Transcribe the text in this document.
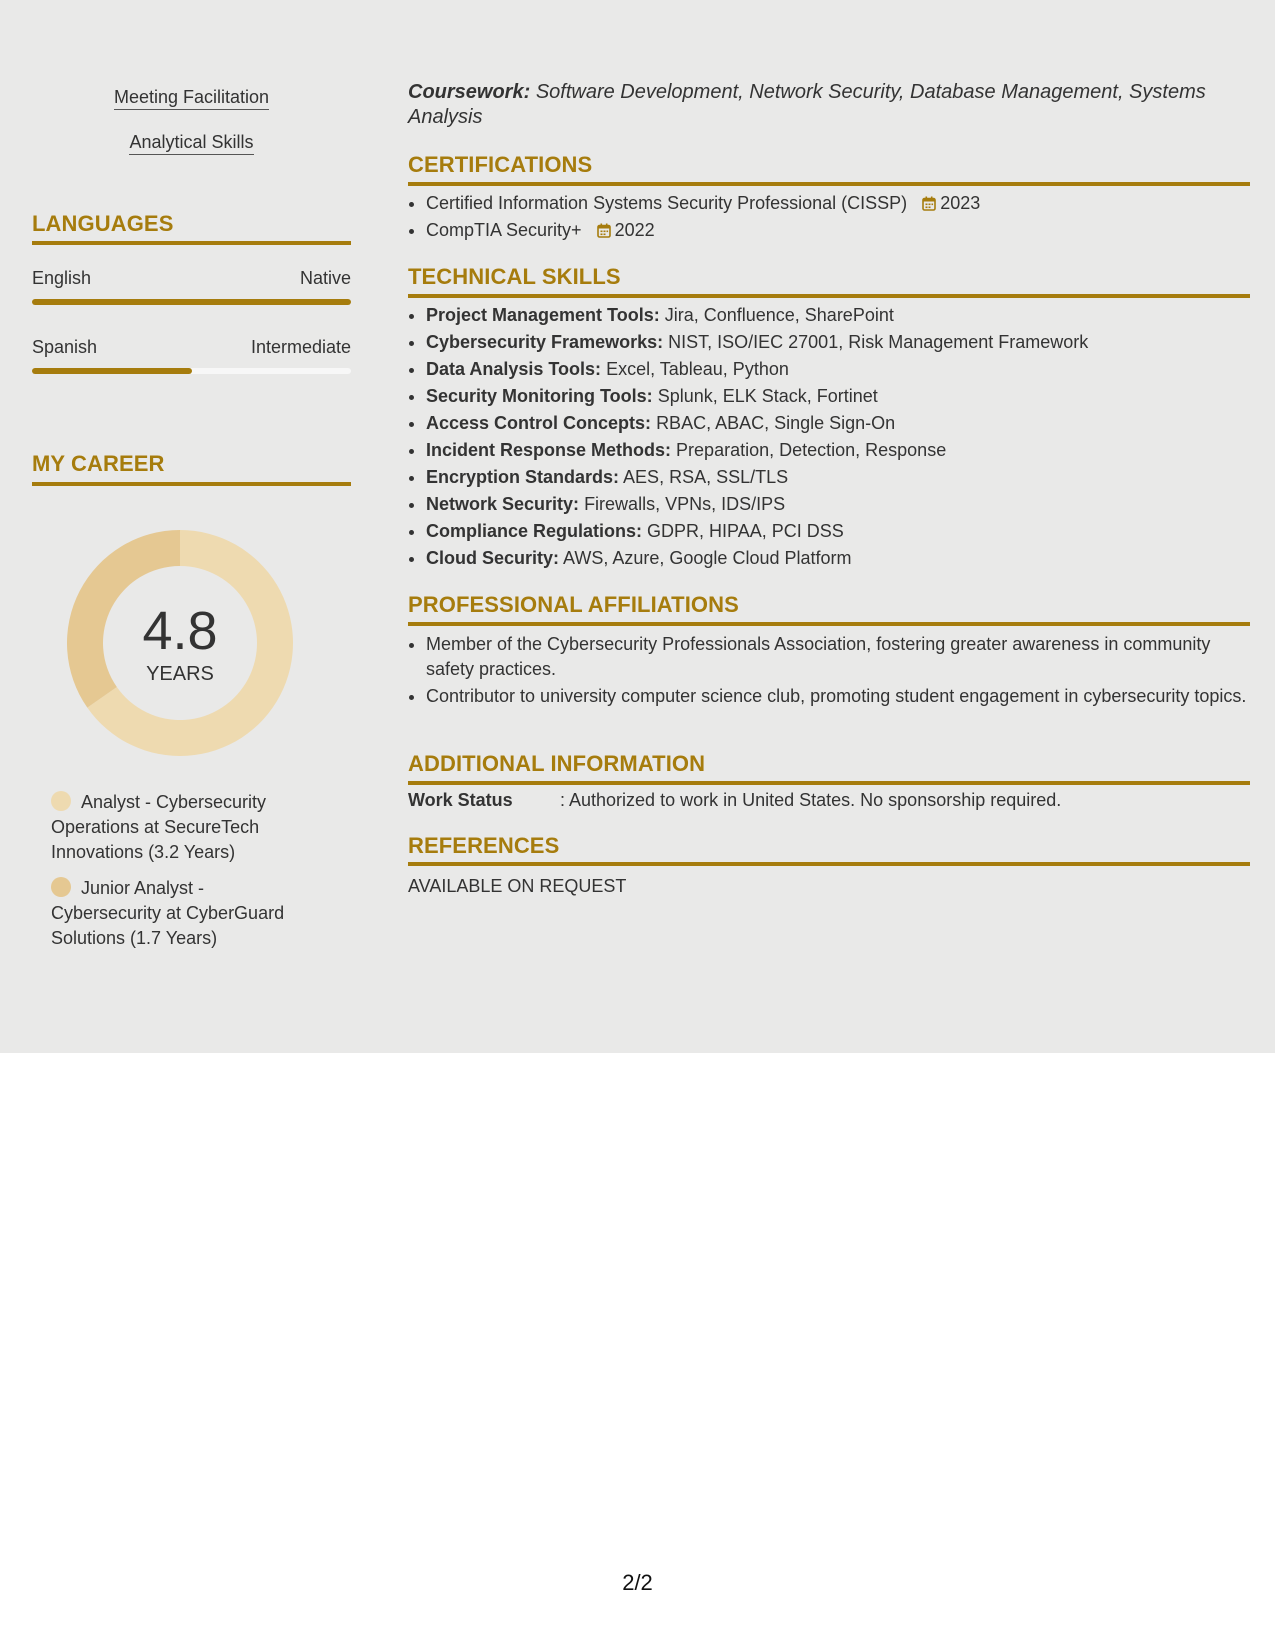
Meeting Facilitation
Analytical Skills
LANGUAGES
English	Native
Spanish	Intermediate
MY CAREER
4.8
YEARS
Analyst - Cybersecurity Operations at SecureTech Innovations (3.2 Years)
Junior Analyst - Cybersecurity at CyberGuard Solutions (1.7 Years)
Coursework: Software Development, Network Security, Database Management, Systems Analysis
CERTIFICATIONS
• Certified Information Systems Security Professional (CISSP) 2023
• CompTIA Security+ 2022
TECHNICAL SKILLS
• Project Management Tools: Jira, Confluence, SharePoint
• Cybersecurity Frameworks: NIST, ISO/IEC 27001, Risk Management Framework
• Data Analysis Tools: Excel, Tableau, Python
• Security Monitoring Tools: Splunk, ELK Stack, Fortinet
• Access Control Concepts: RBAC, ABAC, Single Sign-On
• Incident Response Methods: Preparation, Detection, Response
• Encryption Standards: AES, RSA, SSL/TLS
• Network Security: Firewalls, VPNs, IDS/IPS
• Compliance Regulations: GDPR, HIPAA, PCI DSS
• Cloud Security: AWS, Azure, Google Cloud Platform
PROFESSIONAL AFFILIATIONS
• Member of the Cybersecurity Professionals Association, fostering greater awareness in community safety practices.
• Contributor to university computer science club, promoting student engagement in cybersecurity topics.
ADDITIONAL INFORMATION
Work Status	: Authorized to work in United States. No sponsorship required.
REFERENCES
AVAILABLE ON REQUEST
2/2
